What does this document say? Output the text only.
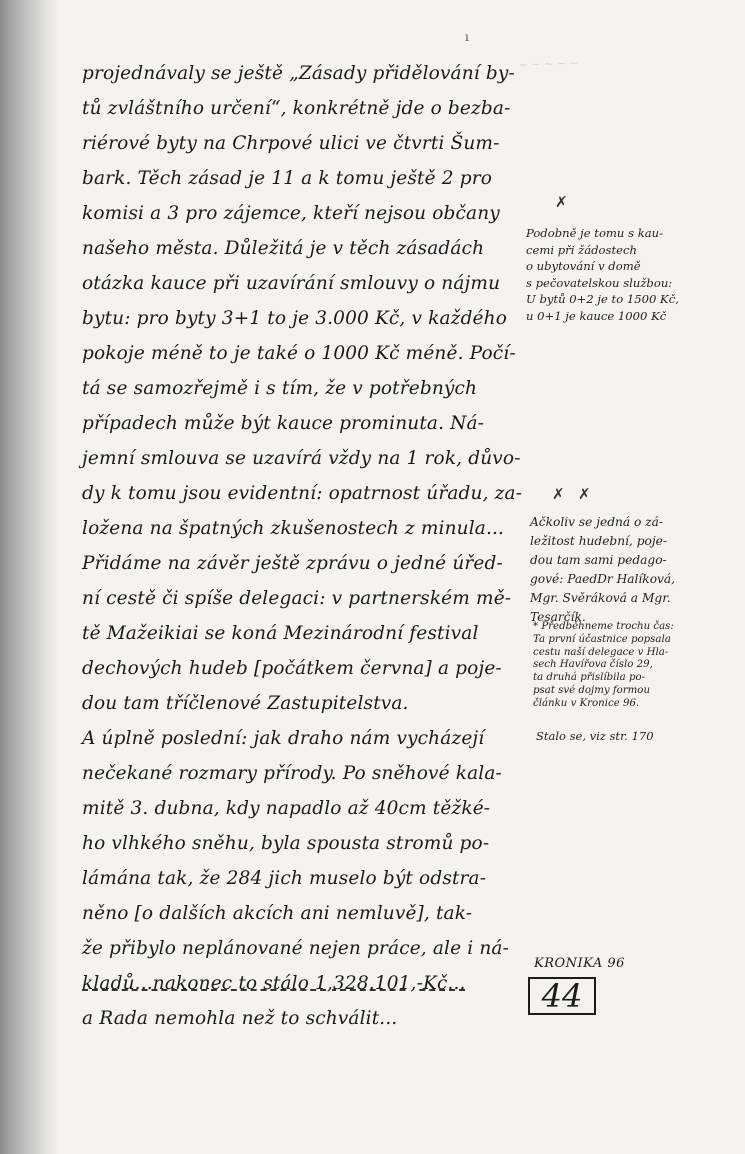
~ ~ ~ ~ ~
ı
projednávaly se ještě „Zásady přidělování by-
tů zvláštního určení“, konkrétně jde o bezba-
riérové byty na Chrpové ulici ve čtvrti Šum-
bark. Těch zásad je 11 a k tomu ještě 2 pro
komisi a 3 pro zájemce, kteří nejsou občany
našeho města. Důležitá je v těch zásadách
otázka kauce při uzavírání smlouvy o nájmu
bytu: pro byty 3+1 to je 3.000 Kč, v každého
pokoje méně to je také o 1000 Kč méně. Počí-
tá se samozřejmě i s tím, že v potřebných
případech může být kauce prominuta. Ná-
jemní smlouva se uzavírá vždy na 1 rok, důvo-
dy k tomu jsou evidentní: opatrnost úřadu, za-
ložena na špatných zkušenostech z minula...
Přidáme na závěr ještě zprávu o jedné úřed-
ní cestě či spíše delegaci: v partnerském mě-
tě Mažeikiai se koná Mezinárodní festival
dechových hudeb [počátkem června] a poje-
dou tam tříčlenové Zastupitelstva.
A úplně poslední: jak draho nám vycházejí
nečekané rozmary přírody. Po sněhové kala-
mitě 3. dubna, kdy napadlo až 40cm těžké-
ho vlhkého sněhu, byla spousta stromů po-
lámána tak, že 284 jich muselo být odstra-
něno [o dalších akcích ani nemluvě], tak-
že přibylo neplánované nejen práce, ale i ná-
kladů...nakonec to stálo 1,328.101,-Kč...
a Rada nemohla než to schválit...
✗
Podobně je tomu s kau-
cemi při žádostech
o ubytování v domě
s pečovatelskou službou:
U bytů 0+2 je to 1500 Kč,
u 0+1 je kauce 1000 Kč
✗ ✗
Ačkoliv se jedná o zá-
ležitost hudební, poje-
dou tam sami pedago-
gové: PaedDr Halíková,
Mgr. Svěráková a Mgr.
Tesarčík.
* Předběhneme trochu čas:
Ta první účastnice popsala
cestu naší delegace v Hla-
sech Havířova číslo 29,
ta druhá přislíbila po-
psat své dojmy formou
článku v Kronice 96.
Stalo se, viz str. 170
KRONIKA 96
44
